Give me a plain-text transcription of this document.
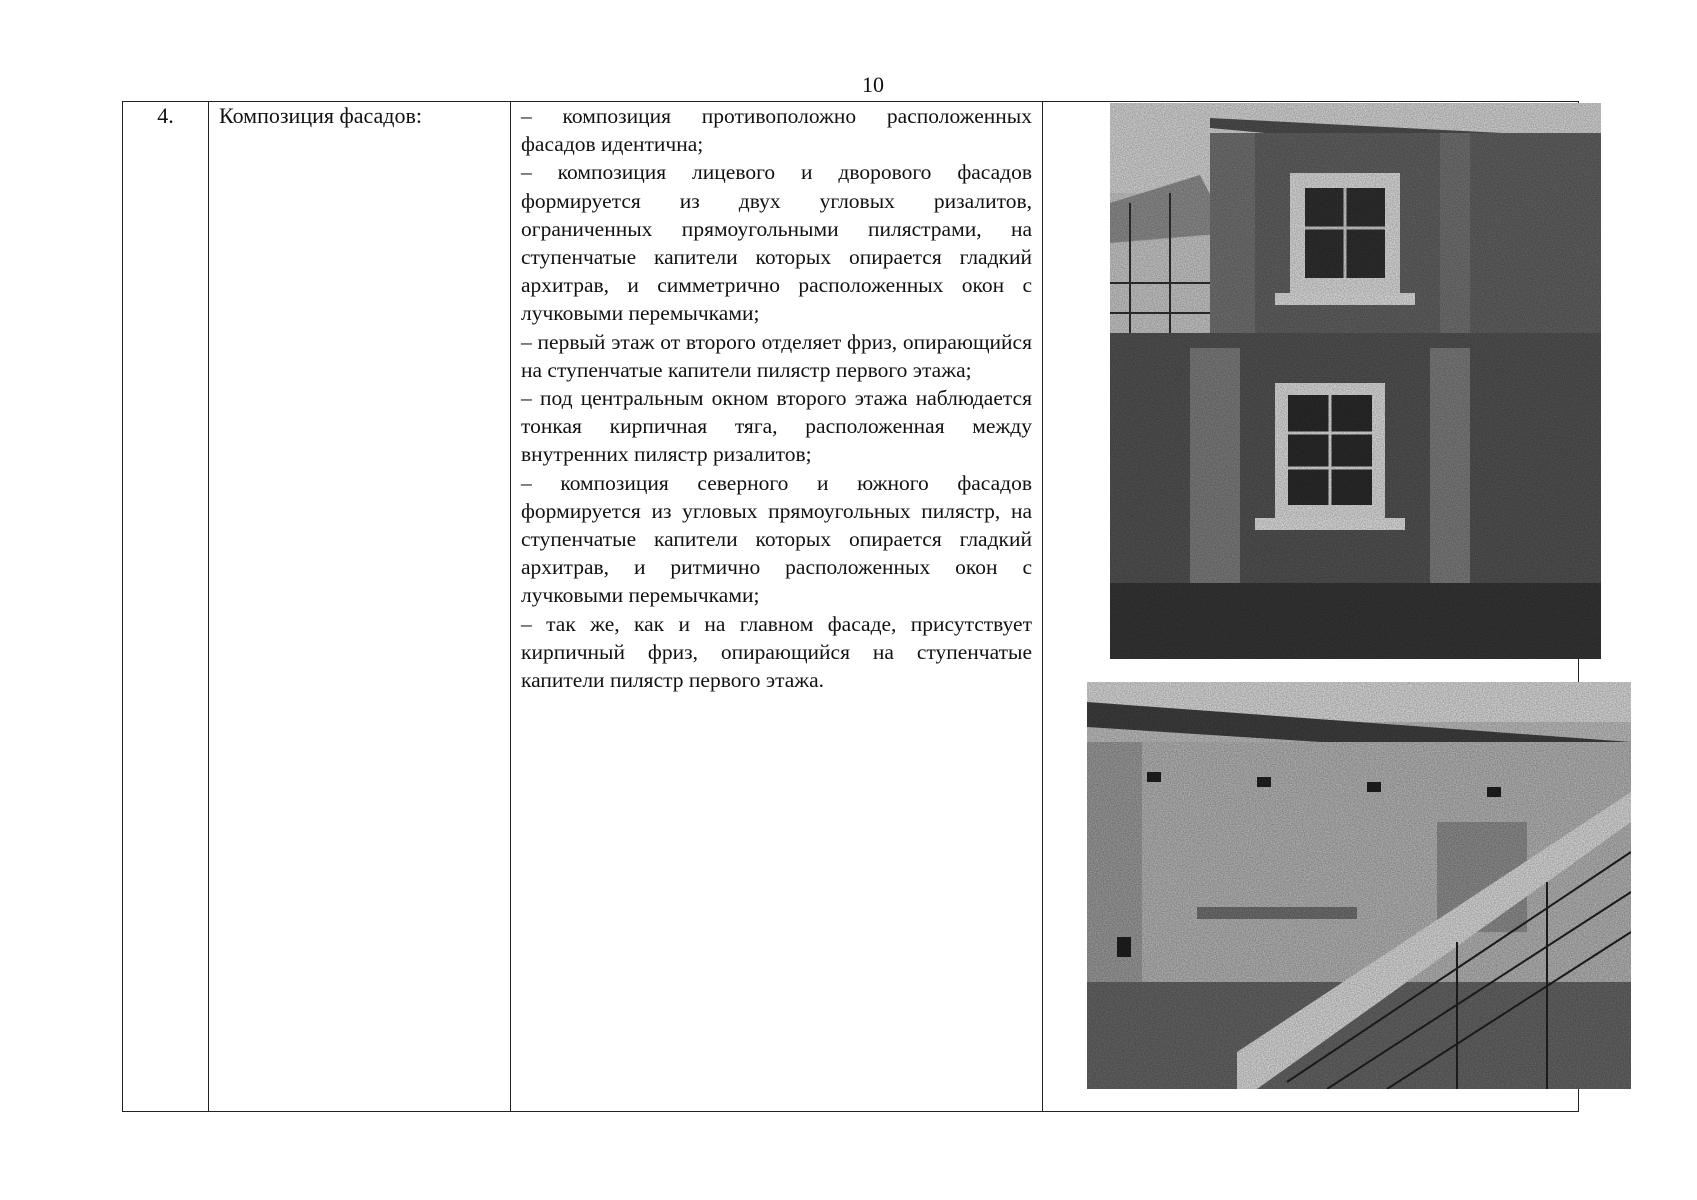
10
4.	Композиция фасадов:	– композиция противоположно расположенных фасадов идентична;

– композиция лицевого и дворового фасадов формируется из двух угловых ризалитов, ограниченных прямоугольными пилястрами, на ступенчатые капители которых опирается гладкий архитрав, и симметрично расположенных окон с лучковыми перемычками;

– первый этаж от второго отделяет фриз, опирающийся на ступенчатые капители пилястр первого этажа;

– под центральным окном второго этажа наблюдается тонкая кирпичная тяга, расположенная между внутренних пилястр ризалитов;

– композиция северного и южного фасадов формируется из угловых прямоугольных пилястр, на ступенчатые капители которых опирается гладкий архитрав, и ритмично расположенных окон с лучковыми перемычками;

– так же, как и на главном фасаде, присутствует кирпичный фриз, опирающийся на ступенчатые капители пилястр первого этажа.
